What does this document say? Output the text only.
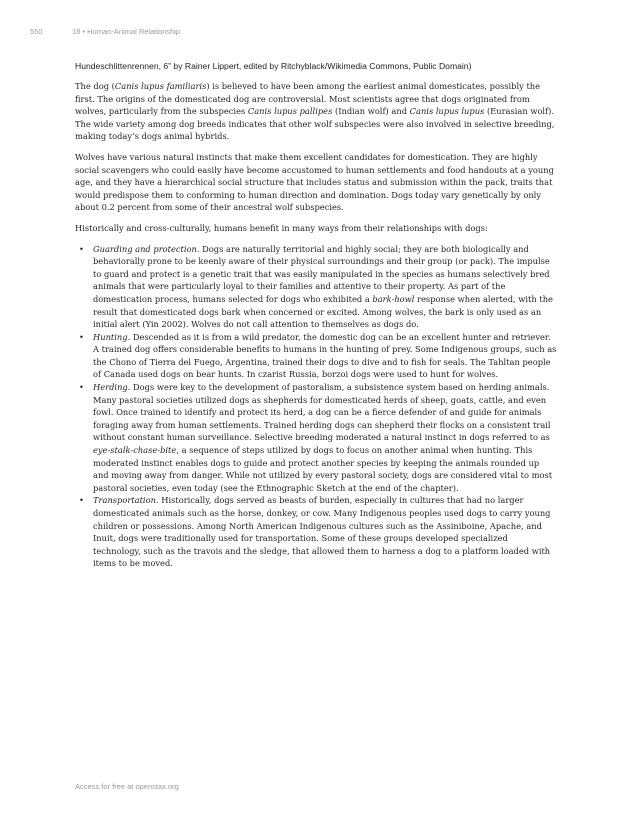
550	18 • Human-Animal Relationship
Hundeschlittenrennen, 6” by Rainer Lippert, edited by Ritchyblack/Wikimedia Commons, Public Domain)

The dog (Canis lupus familiaris) is believed to have been among the earliest animal domesticates, possibly the first. The origins of the domesticated dog are controversial. Most scientists agree that dogs originated from wolves, particularly from the subspecies Canis lupus pallipes (Indian wolf) and Canis lupus lupus (Eurasian wolf). The wide variety among dog breeds indicates that other wolf subspecies were also involved in selective breeding, making today’s dogs animal hybrids.

Wolves have various natural instincts that make them excellent candidates for domestication. They are highly social scavengers who could easily have become accustomed to human settlements and food handouts at a young age, and they have a hierarchical social structure that includes status and submission within the pack, traits that would predispose them to conforming to human direction and domination. Dogs today vary genetically by only about 0.2 percent from some of their ancestral wolf subspecies.

Historically and cross-culturally, humans benefit in many ways from their relationships with dogs:

• Guarding and protection. Dogs are naturally territorial and highly social; they are both biologically and behaviorally prone to be keenly aware of their physical surroundings and their group (or pack). The impulse to guard and protect is a genetic trait that was easily manipulated in the species as humans selectively bred animals that were particularly loyal to their families and attentive to their property. As part of the domestication process, humans selected for dogs who exhibited a bark-howl response when alerted, with the result that domesticated dogs bark when concerned or excited. Among wolves, the bark is only used as an initial alert (Yin 2002). Wolves do not call attention to themselves as dogs do.
• Hunting. Descended as it is from a wild predator, the domestic dog can be an excellent hunter and retriever. A trained dog offers considerable benefits to humans in the hunting of prey. Some Indigenous groups, such as the Chono of Tierra del Fuego, Argentina, trained their dogs to dive and to fish for seals. The Tahltan people of Canada used dogs on bear hunts. In czarist Russia, borzoi dogs were used to hunt for wolves.
• Herding. Dogs were key to the development of pastoralism, a subsistence system based on herding animals. Many pastoral societies utilized dogs as shepherds for domesticated herds of sheep, goats, cattle, and even fowl. Once trained to identify and protect its herd, a dog can be a fierce defender of and guide for animals foraging away from human settlements. Trained herding dogs can shepherd their flocks on a consistent trail without constant human surveillance. Selective breeding moderated a natural instinct in dogs referred to as eye-stalk-chase-bite, a sequence of steps utilized by dogs to focus on another animal when hunting. This moderated instinct enables dogs to guide and protect another species by keeping the animals rounded up and moving away from danger. While not utilized by every pastoral society, dogs are considered vital to most pastoral societies, even today (see the Ethnographic Sketch at the end of the chapter).
• Transportation. Historically, dogs served as beasts of burden, especially in cultures that had no larger domesticated animals such as the horse, donkey, or cow. Many Indigenous peoples used dogs to carry young children or possessions. Among North American Indigenous cultures such as the Assiniboine, Apache, and Inuit, dogs were traditionally used for transportation. Some of these groups developed specialized technology, such as the travois and the sledge, that allowed them to harness a dog to a platform loaded with items to be moved.
Access for free at openstax.org
